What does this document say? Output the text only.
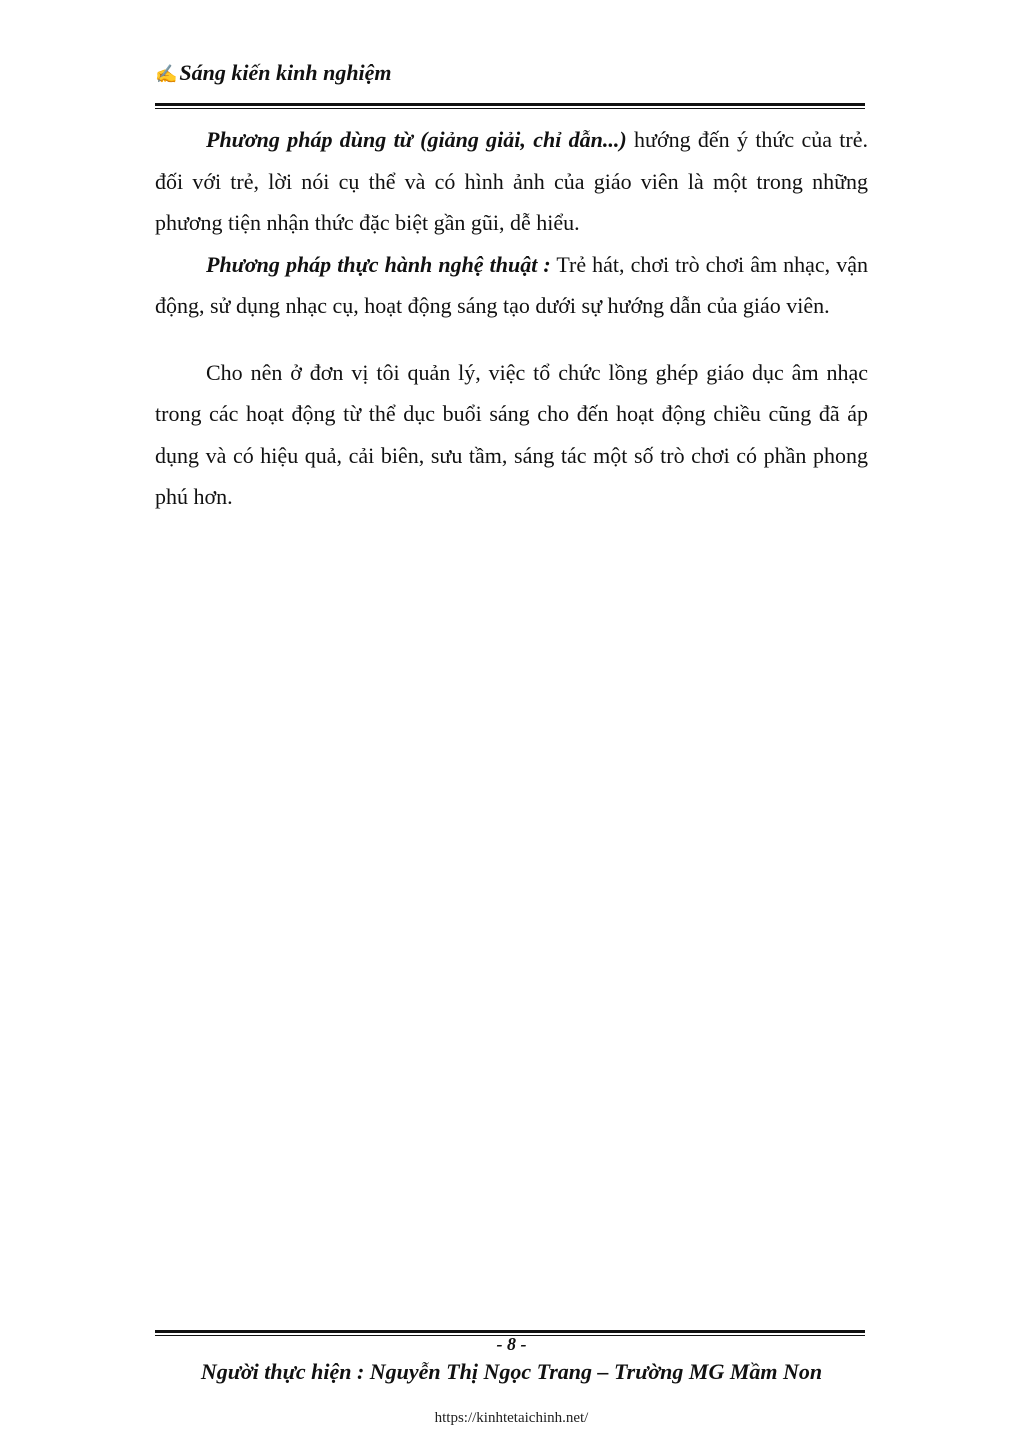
✍ Sáng kiến kinh nghiệm

Phương pháp dùng từ (giảng giải, chỉ dẫn...) hướng đến ý thức của trẻ. đối với trẻ, lời nói cụ thể và có hình ảnh của giáo viên là một trong những phương tiện nhận thức đặc biệt gần gũi, dễ hiểu.

Phương pháp thực hành nghệ thuật : Trẻ hát, chơi trò chơi âm nhạc, vận động, sử dụng nhạc cụ, hoạt động sáng tạo dưới sự hướng dẫn của giáo viên.

Cho nên ở đơn vị tôi quản lý, việc tổ chức lồng ghép giáo dục âm nhạc trong các hoạt động từ thể dục buổi sáng cho đến hoạt động chiều cũng đã áp dụng và có hiệu quả, cải biên, sưu tầm, sáng tác một số trò chơi có phần phong phú hơn.

- 8 -
Người thực hiện : Nguyễn Thị Ngọc Trang – Trường MG Mầm Non
https://kinhtetaichinh.net/
